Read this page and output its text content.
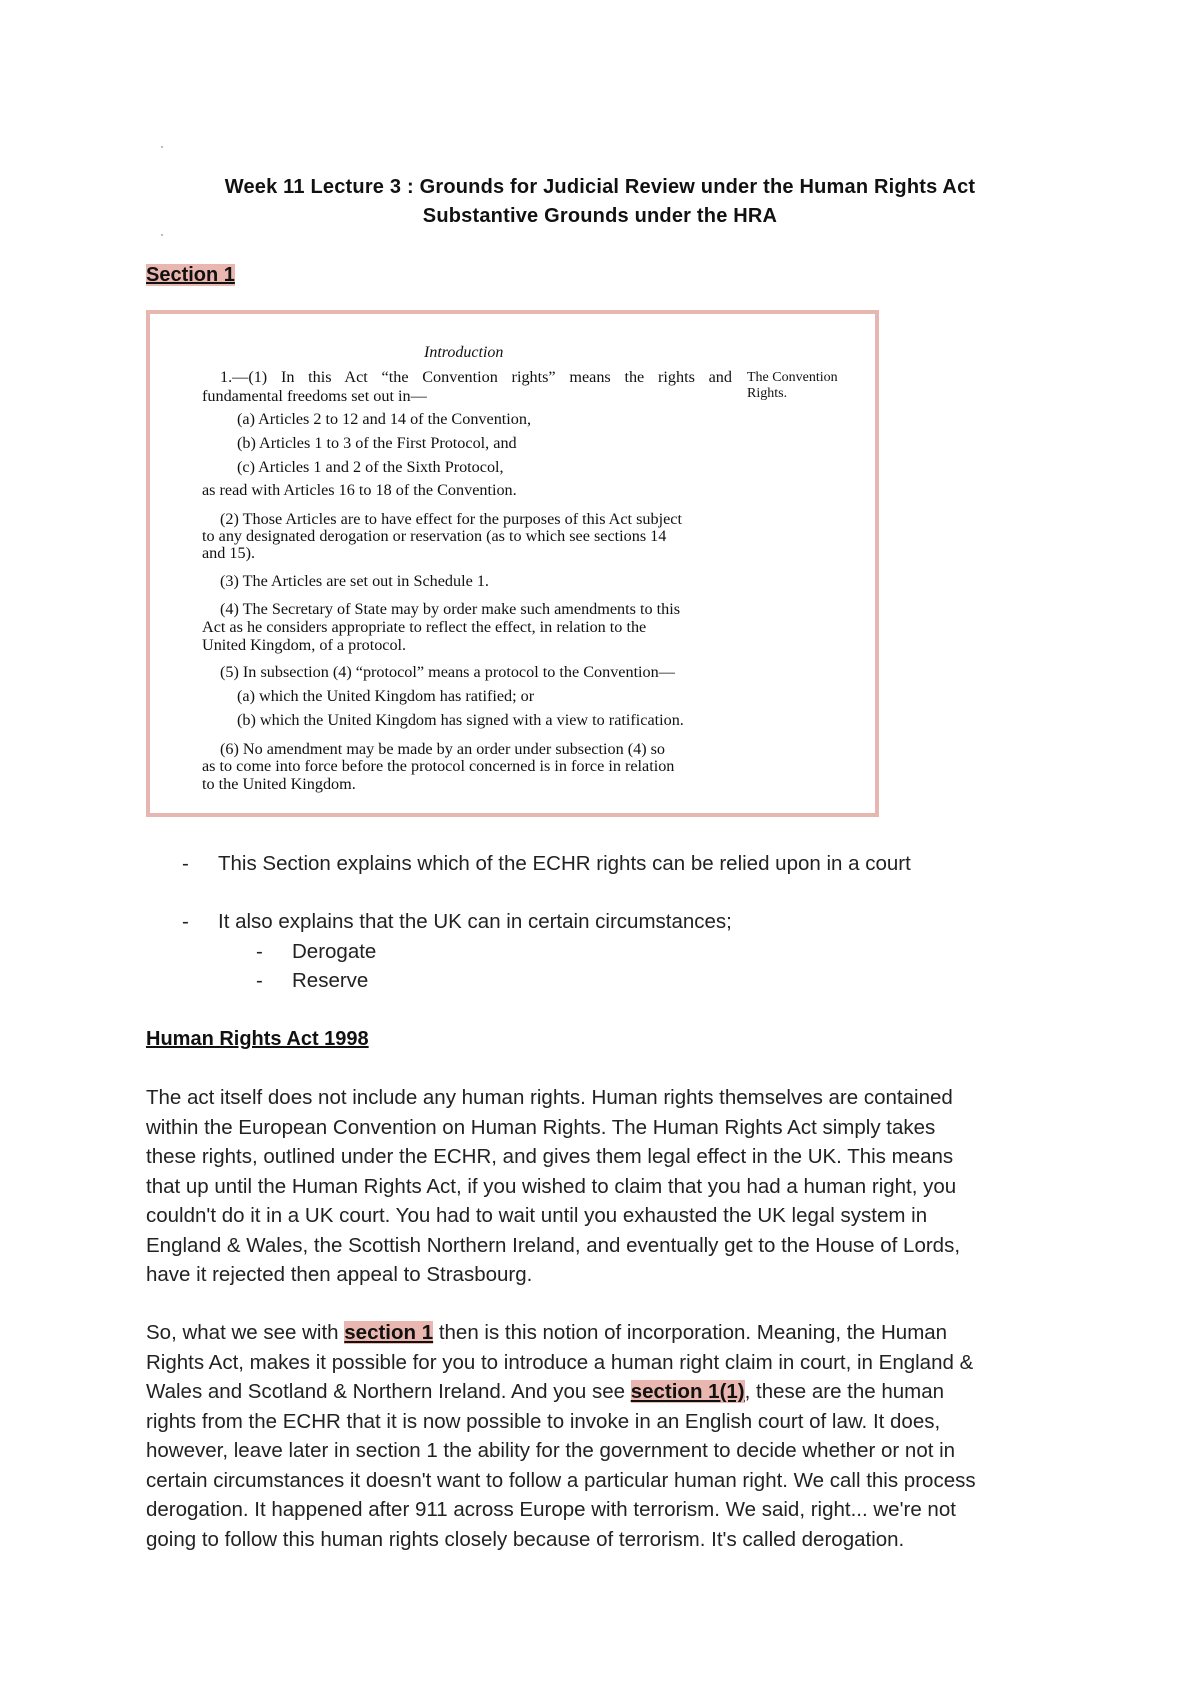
Week 11 Lecture 3 : Grounds for Judicial Review under the Human Rights Act
Substantive Grounds under the HRA
Section 1
Introduction
The Convention
Rights.
1.—(1) In this Act “the Convention rights” means the rights and
fundamental freedoms set out in—
(a) Articles 2 to 12 and 14 of the Convention,
(b) Articles 1 to 3 of the First Protocol, and
(c) Articles 1 and 2 of the Sixth Protocol,
as read with Articles 16 to 18 of the Convention.
(2) Those Articles are to have effect for the purposes of this Act subject
to any designated derogation or reservation (as to which see sections 14
and 15).
(3) The Articles are set out in Schedule 1.
(4) The Secretary of State may by order make such amendments to this
Act as he considers appropriate to reflect the effect, in relation to the
United Kingdom, of a protocol.
(5) In subsection (4) “protocol” means a protocol to the Convention—
(a) which the United Kingdom has ratified; or
(b) which the United Kingdom has signed with a view to ratification.
(6) No amendment may be made by an order under subsection (4) so
as to come into force before the protocol concerned is in force in relation
to the United Kingdom.
- This Section explains which of the ECHR rights can be relied upon in a court
- It also explains that the UK can in certain circumstances;
- Derogate
- Reserve
Human Rights Act 1998
The act itself does not include any human rights. Human rights themselves are contained
within the European Convention on Human Rights. The Human Rights Act simply takes
these rights, outlined under the ECHR, and gives them legal effect in the UK. This means
that up until the Human Rights Act, if you wished to claim that you had a human right, you
couldn't do it in a UK court. You had to wait until you exhausted the UK legal system in
England & Wales, the Scottish Northern Ireland, and eventually get to the House of Lords,
have it rejected then appeal to Strasbourg.
So, what we see with section 1 then is this notion of incorporation. Meaning, the Human
Rights Act, makes it possible for you to introduce a human right claim in court, in England &
Wales and Scotland & Northern Ireland. And you see section 1(1), these are the human
rights from the ECHR that it is now possible to invoke in an English court of law. It does,
however, leave later in section 1 the ability for the government to decide whether or not in
certain circumstances it doesn't want to follow a particular human right. We call this process
derogation. It happened after 911 across Europe with terrorism. We said, right... we're not
going to follow this human rights closely because of terrorism. It's called derogation.
